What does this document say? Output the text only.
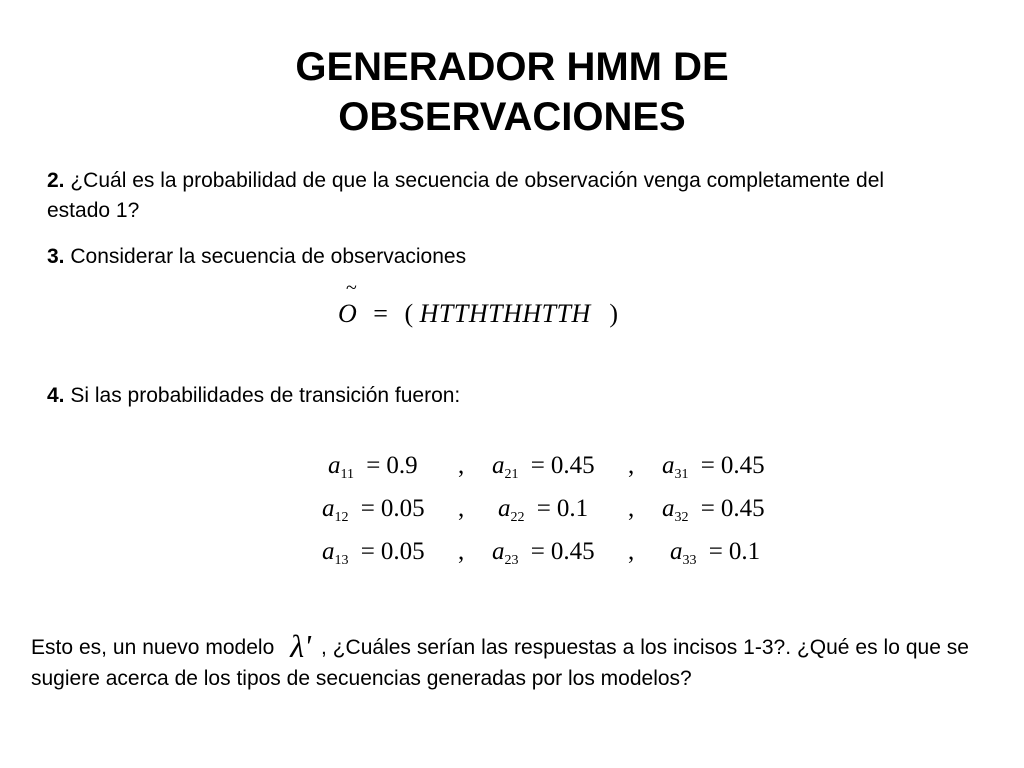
GENERADOR HMM DE
OBSERVACIONES
2. ¿Cuál es la probabilidad de que la secuencia de observación venga completamente del estado 1?
3. Considerar la secuencia de observaciones
~
O = ( HTTHTHHTTH )
4. Si las probabilidades de transición fueron:
$a_{11} = 0.9$ , $a_{21} = 0.45$ , $a_{31} = 0.45$
$a_{12} = 0.05$ , $a_{22} = 0.1$ , $a_{32} = 0.45$
$a_{13} = 0.05$ , $a_{23} = 0.45$ , $a_{33} = 0.1$
Esto es, un nuevo modelo λ' , ¿Cuáles serían las respuestas a los incisos 1-3?. ¿Qué es lo que se sugiere acerca de los tipos de secuencias generadas por los modelos?
